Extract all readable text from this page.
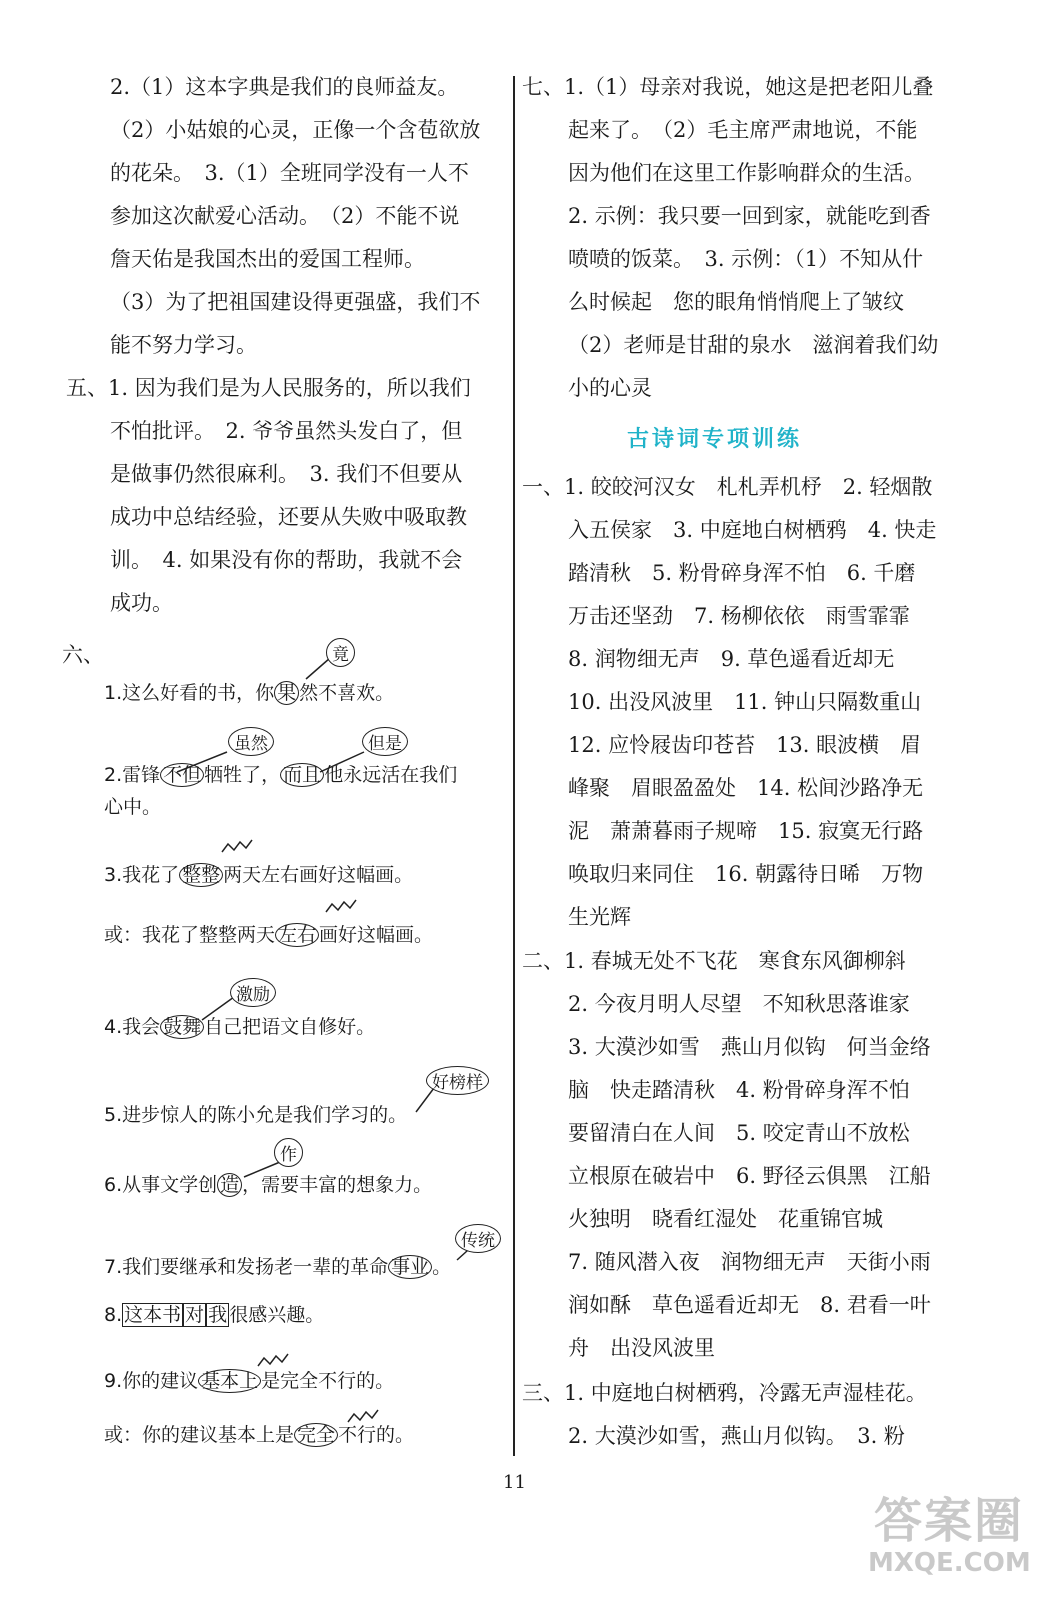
2.（1）这本字典是我们的良师益友。
（2）小姑娘的心灵，正像一个含苞欲放
的花朵。　3.（1）全班同学没有一人不
参加这次献爱心活动。　（2）不能不说
詹天佑是我国杰出的爱国工程师。
（3）为了把祖国建设得更强盛，我们不
能不努力学习。
五、1. 因为我们是为人民服务的，所以我们
不怕批评。　2. 爷爷虽然头发白了，但
是做事仍然很麻利。　3. 我们不但要从
成功中总结经验，还要从失败中吸取教
训。　4. 如果没有你的帮助，我就不会
成功。
六、	竟
1.这么好看的书，你 果 然不喜欢。
虽然	但是
2.雷锋 不但 牺牲了， 而且 他永远活在我们
心中。
3.我花了 整整 两天左右画好这幅画。
或：我花了整整两天 左右 画好这幅画。
激励
4.我会 鼓舞 自己把语文自修好。
好榜样
5.进步惊人的陈小允是我们学习的。
作
6.从事文学创 造 ，需要丰富的想象力。
传统
7.我们要继承和发扬老一辈的革命 事业 。
8. 这本书 对 我 很感兴趣。
9.你的建议 基本上 是完全不行的。
或：你的建议基本上是 完全 不行的。
七、1.（1）母亲对我说，她这是把老阳儿叠
起来了。　（2）毛主席严肃地说，不能
因为他们在这里工作影响群众的生活。
2. 示例：我只要一回到家，就能吃到香
喷喷的饭菜。　3. 示例：（1）不知从什
么时候起　您的眼角悄悄爬上了皱纹
（2）老师是甘甜的泉水　滋润着我们幼
小的心灵
古诗词专项训练
一、1. 皎皎河汉女　札札弄机杼　2. 轻烟散
入五侯家　3. 中庭地白树栖鸦　4. 快走
踏清秋　5. 粉骨碎身浑不怕　6. 千磨
万击还坚劲　7. 杨柳依依　雨雪霏霏
8. 润物细无声　9. 草色遥看近却无
10. 出没风波里　11. 钟山只隔数重山
12. 应怜屐齿印苍苔　13. 眼波横　眉
峰聚　眉眼盈盈处　14. 松间沙路净无
泥　萧萧暮雨子规啼　15. 寂寞无行路
唤取归来同住　16. 朝露待日晞　万物
生光辉
二、1. 春城无处不飞花　寒食东风御柳斜
2. 今夜月明人尽望　不知秋思落谁家
3. 大漠沙如雪　燕山月似钩　何当金络
脑　快走踏清秋　4. 粉骨碎身浑不怕
要留清白在人间　5. 咬定青山不放松
立根原在破岩中　6. 野径云俱黑　江船
火独明　晓看红湿处　花重锦官城
7. 随风潜入夜　润物细无声　天街小雨
润如酥　草色遥看近却无　8. 君看一叶
舟　出没风波里
三、1. 中庭地白树栖鸦，冷露无声湿桂花。
2. 大漠沙如雪，燕山月似钩。　3. 粉
11
答案圈
MXQE.COM
